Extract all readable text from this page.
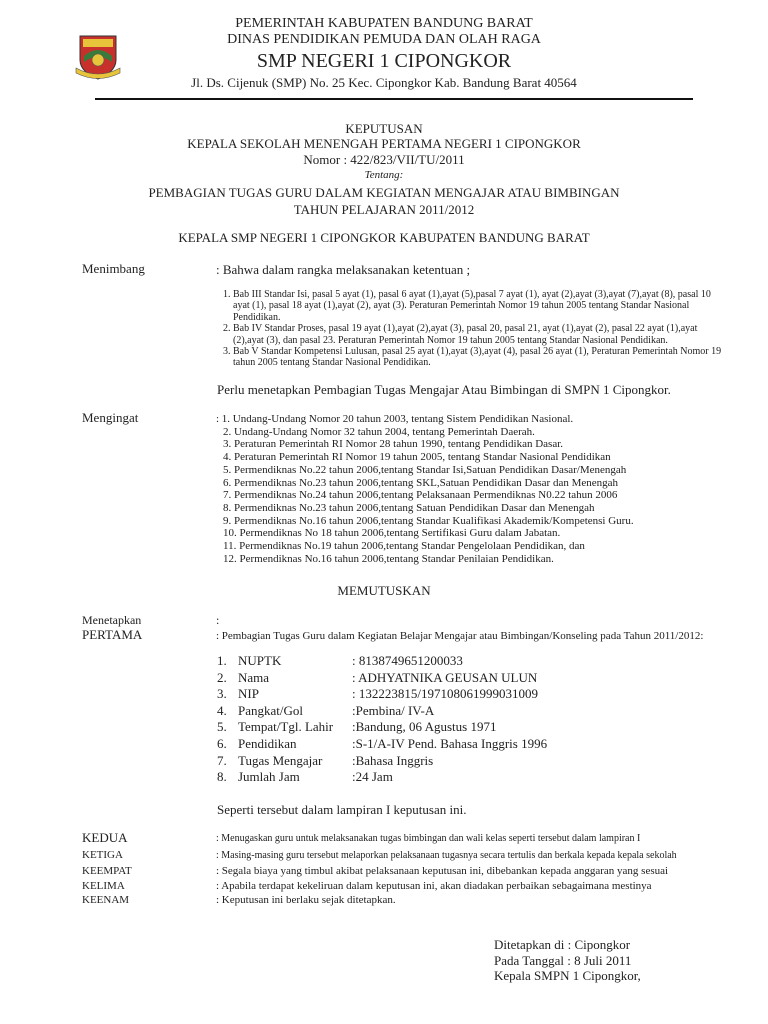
PEMERINTAH KABUPATEN BANDUNG BARAT
DINAS PENDIDIKAN PEMUDA DAN OLAH RAGA
SMP NEGERI 1 CIPONGKOR
Jl. Ds. Cijenuk (SMP) No. 25 Kec. Cipongkor Kab. Bandung Barat 40564
KEPUTUSAN
KEPALA SEKOLAH MENENGAH PERTAMA NEGERI 1 CIPONGKOR
Nomor : 422/823/VII/TU/2011
Tentang:
PEMBAGIAN TUGAS GURU DALAM KEGIATAN MENGAJAR ATAU BIMBINGAN
TAHUN PELAJARAN 2011/2012
KEPALA SMP NEGERI 1 CIPONGKOR KABUPATEN BANDUNG BARAT
Menimbang	: Bahwa dalam rangka melaksanakan ketentuan ;
1. Bab III Standar Isi, pasal 5 ayat (1), pasal 6 ayat (1),ayat (5),pasal 7 ayat (1), ayat (2),ayat (3),ayat (7),ayat (8), pasal 10
ayat (1), pasal 18 ayat (1),ayat (2), ayat (3). Peraturan Pemerintah Nomor 19 tahun 2005 tentang Standar Nasional
Pendidikan.
2. Bab IV Standar Proses, pasal 19 ayat (1),ayat (2),ayat (3), pasal 20, pasal 21, ayat (1),ayat (2), pasal 22 ayat (1),ayat
(2),ayat (3), dan pasal 23. Peraturan Pemerintah Nomor 19 tahun 2005 tentang Standar Nasional Pendidikan.
3. Bab V Standar Kompetensi Lulusan, pasal 25 ayat (1),ayat (3),ayat (4), pasal 26 ayat (1), Peraturan Pemerintah Nomor 19
tahun 2005 tentang Standar Nasional Pendidikan.
Perlu menetapkan Pembagian Tugas Mengajar Atau Bimbingan di SMPN 1 Cipongkor.
Mengingat	: 1. Undang-Undang Nomor 20 tahun 2003, tentang Sistem Pendidikan Nasional.
2. Undang-Undang Nomor 32 tahun 2004, tentang Pemerintah Daerah.
3. Peraturan Pemerintah RI Nomor 28 tahun 1990, tentang Pendidikan Dasar.
4. Peraturan Pemerintah RI Nomor 19 tahun 2005, tentang Standar Nasional Pendidikan
5. Permendiknas No.22 tahun 2006,tentang Standar Isi,Satuan Pendidikan Dasar/Menengah
6. Permendiknas No.23 tahun 2006,tentang SKL,Satuan Pendidikan Dasar dan Menengah
7. Permendiknas No.24 tahun 2006,tentang Pelaksanaan Permendiknas N0.22 tahun 2006
8. Permendiknas No.23 tahun 2006,tentang Satuan Pendidikan Dasar dan Menengah
9. Permendiknas No.16 tahun 2006,tentang Standar Kualifikasi Akademik/Kompetensi Guru.
10. Permendiknas No 18 tahun 2006,tentang Sertifikasi Guru dalam Jabatan.
11. Permendiknas No.19 tahun 2006,tentang Standar Pengelolaan Pendidikan, dan
12. Permendiknas No.16 tahun 2006,tentang Standar Penilaian Pendidikan.
MEMUTUSKAN
Menetapkan	:
PERTAMA	: Pembagian Tugas Guru dalam Kegiatan Belajar Mengajar atau Bimbingan/Konseling pada Tahun 2011/2012:
1. NUPTK	: 8138749651200033
2. Nama	: ADHYATNIKA GEUSAN ULUN
3. NIP	: 132223815/197108061999031009
4. Pangkat/Gol	:Pembina/ IV-A
5. Tempat/Tgl. Lahir :Bandung, 06 Agustus 1971
6. Pendidikan	:S-1/A-IV Pend. Bahasa Inggris 1996
7. Tugas Mengajar :Bahasa Inggris
8. Jumlah Jam	:24 Jam
Seperti tersebut dalam lampiran I keputusan ini.
KEDUA	: Menugaskan guru untuk melaksanakan tugas bimbingan dan wali kelas seperti tersebut dalam lampiran I
KETIGA	: Masing-masing guru tersebut melaporkan pelaksanaan tugasnya secara tertulis dan berkala kepada kepala sekolah
KEEMPAT	: Segala biaya yang timbul akibat pelaksanaan keputusan ini, dibebankan kepada anggaran yang sesuai
KELIMA	: Apabila terdapat kekeliruan dalam keputusan ini, akan diadakan perbaikan sebagaimana mestinya
KEENAM	: Keputusan ini berlaku sejak ditetapkan.
Ditetapkan di : Cipongkor
Pada Tanggal : 8 Juli 2011
Kepala SMPN 1 Cipongkor,
